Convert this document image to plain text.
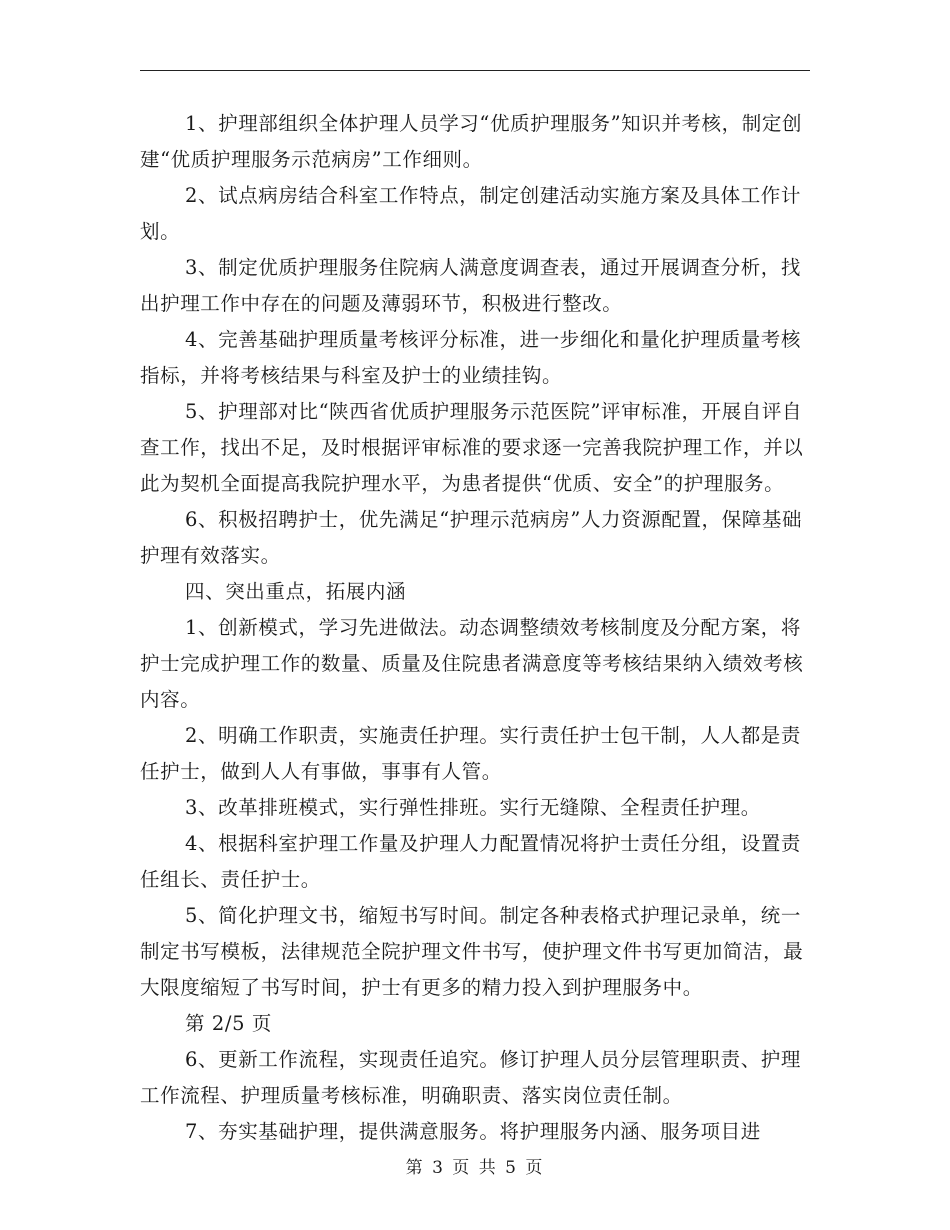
1、护理部组织全体护理人员学习“优质护理服务”知识并考核，制定创建“优质护理服务示范病房”工作细则。

2、试点病房结合科室工作特点，制定创建活动实施方案及具体工作计划。

3、制定优质护理服务住院病人满意度调查表，通过开展调查分析，找出护理工作中存在的问题及薄弱环节，积极进行整改。

4、完善基础护理质量考核评分标准，进一步细化和量化护理质量考核指标，并将考核结果与科室及护士的业绩挂钩。

5、护理部对比“陕西省优质护理服务示范医院”评审标准，开展自评自查工作，找出不足，及时根据评审标准的要求逐一完善我院护理工作，并以此为契机全面提高我院护理水平，为患者提供“优质、安全”的护理服务。

6、积极招聘护士，优先满足“护理示范病房”人力资源配置，保障基础护理有效落实。

四、突出重点，拓展内涵

1、创新模式，学习先进做法。动态调整绩效考核制度及分配方案，将护士完成护理工作的数量、质量及住院患者满意度等考核结果纳入绩效考核内容。

2、明确工作职责，实施责任护理。实行责任护士包干制，人人都是责任护士，做到人人有事做，事事有人管。

3、改革排班模式，实行弹性排班。实行无缝隙、全程责任护理。

4、根据科室护理工作量及护理人力配置情况将护士责任分组，设置责任组长、责任护士。

5、简化护理文书，缩短书写时间。制定各种表格式护理记录单，统一制定书写模板，法律规范全院护理文件书写，使护理文件书写更加简洁，最大限度缩短了书写时间，护士有更多的精力投入到护理服务中。

第 2/5 页

6、更新工作流程，实现责任追究。修订护理人员分层管理职责、护理工作流程、护理质量考核标准，明确职责、落实岗位责任制。

7、夯实基础护理，提供满意服务。将护理服务内涵、服务项目进

第 3 页 共 5 页
